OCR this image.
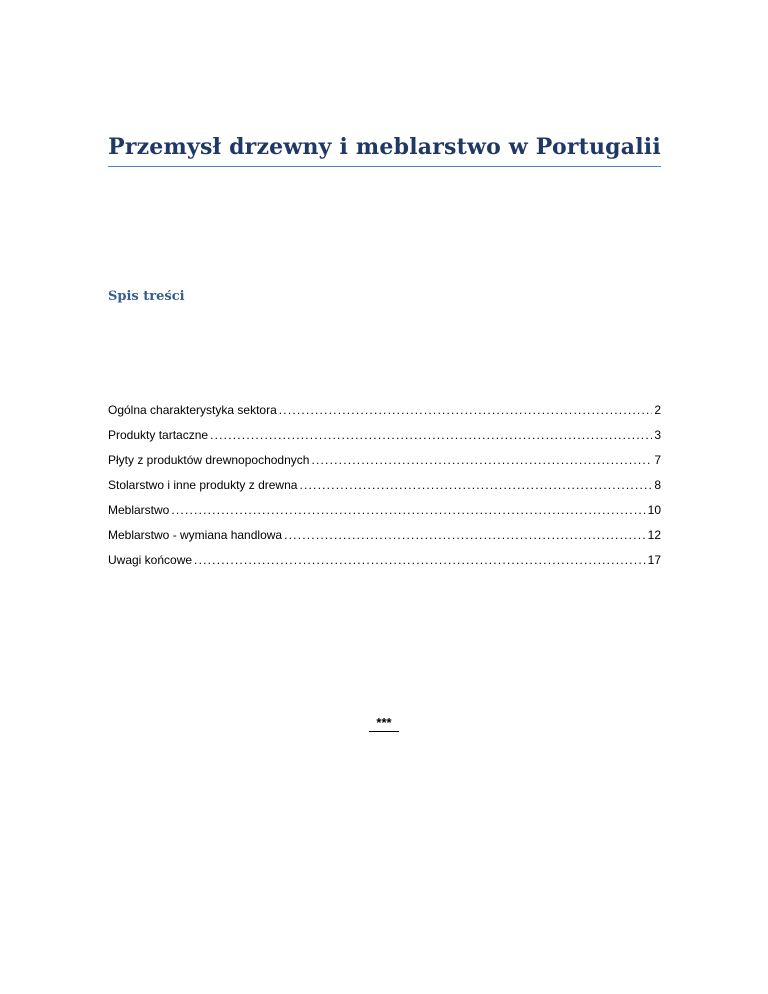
Przemysł drzewny i meblarstwo w Portugalii
Spis treści
Ogólna charakterystyka sektora .....	2
Produkty tartaczne .....	3
Płyty z produktów drewnopochodnych .....	7
Stolarstwo i inne produkty z drewna .....	8
Meblarstwo .....	10
Meblarstwo - wymiana handlowa .....	12
Uwagi końcowe .....	17
***
